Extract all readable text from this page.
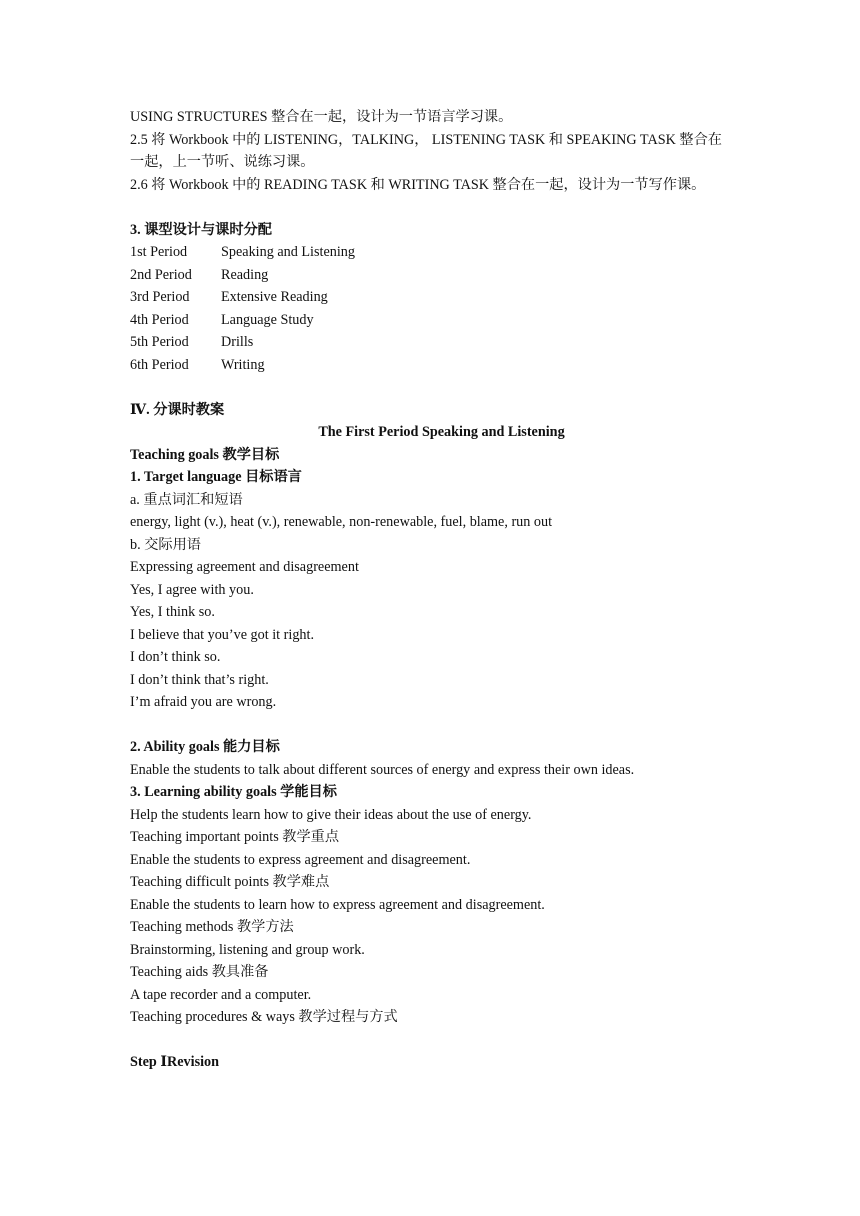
USING STRUCTURES 整合在一起，设计为一节语言学习课。
2.5 将 Workbook 中的 LISTENING，TALKING， LISTENING TASK 和 SPEAKING TASK 整合在一起，上一节听、说练习课。
2.6 将 Workbook 中的 READING TASK 和 WRITING TASK 整合在一起，设计为一节写作课。
3. 课型设计与课时分配
1st Period Speaking and Listening
2nd Period Reading
3rd Period Extensive Reading
4th Period Language Study
5th Period Drills
6th Period Writing
Ⅳ. 分课时教案
The First Period Speaking and Listening
Teaching goals 教学目标
1. Target language 目标语言
a. 重点词汇和短语
energy, light (v.), heat (v.), renewable, non-renewable, fuel, blame, run out
b. 交际用语
Expressing agreement and disagreement
Yes, I agree with you.
Yes, I think so.
I believe that you’ve got it right.
I don’t think so.
I don’t think that’s right.
I’m afraid you are wrong.
2. Ability goals 能力目标
Enable the students to talk about different sources of energy and express their own ideas.
3. Learning ability goals 学能目标
Help the students learn how to give their ideas about the use of energy.
Teaching important points 教学重点
Enable the students to express agreement and disagreement.
Teaching difficult points 教学难点
Enable the students to learn how to express agreement and disagreement.
Teaching methods 教学方法
Brainstorming, listening and group work.
Teaching aids 教具准备
A tape recorder and a computer.
Teaching procedures & ways 教学过程与方式
Step ⅠRevision
